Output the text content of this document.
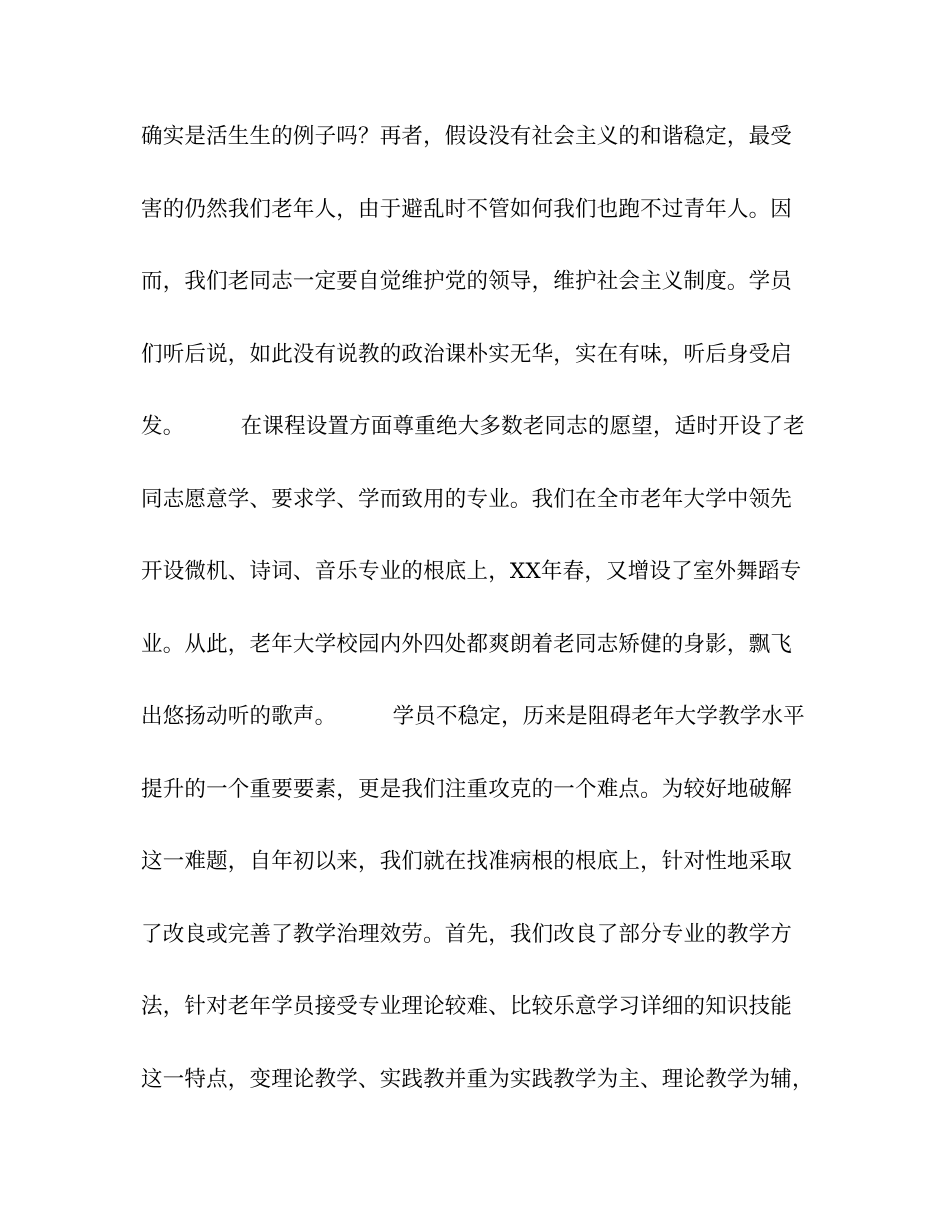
确实是活生生的例子吗？再者，假设没有社会主义的和谐稳定，最受
害的仍然我们老年人，由于避乱时不管如何我们也跑不过青年人。因
而，我们老同志一定要自觉维护党的领导，维护社会主义制度。学员
们听后说，如此没有说教的政治课朴实无华，实在有味，听后身受启
发。        在课程设置方面尊重绝大多数老同志的愿望，适时开设了老
同志愿意学、要求学、学而致用的专业。我们在全市老年大学中领先
开设微机、诗词、音乐专业的根底上，XX年春，又增设了室外舞蹈专
业。从此，老年大学校园内外四处都爽朗着老同志矫健的身影，飘飞
出悠扬动听的歌声。        学员不稳定，历来是阻碍老年大学教学水平
提升的一个重要要素，更是我们注重攻克的一个难点。为较好地破解
这一难题，自年初以来，我们就在找准病根的根底上，针对性地采取
了改良或完善了教学治理效劳。首先，我们改良了部分专业的教学方
法，针对老年学员接受专业理论较难、比较乐意学习详细的知识技能
这一特点，变理论教学、实践教并重为实践教学为主、理论教学为辅，
